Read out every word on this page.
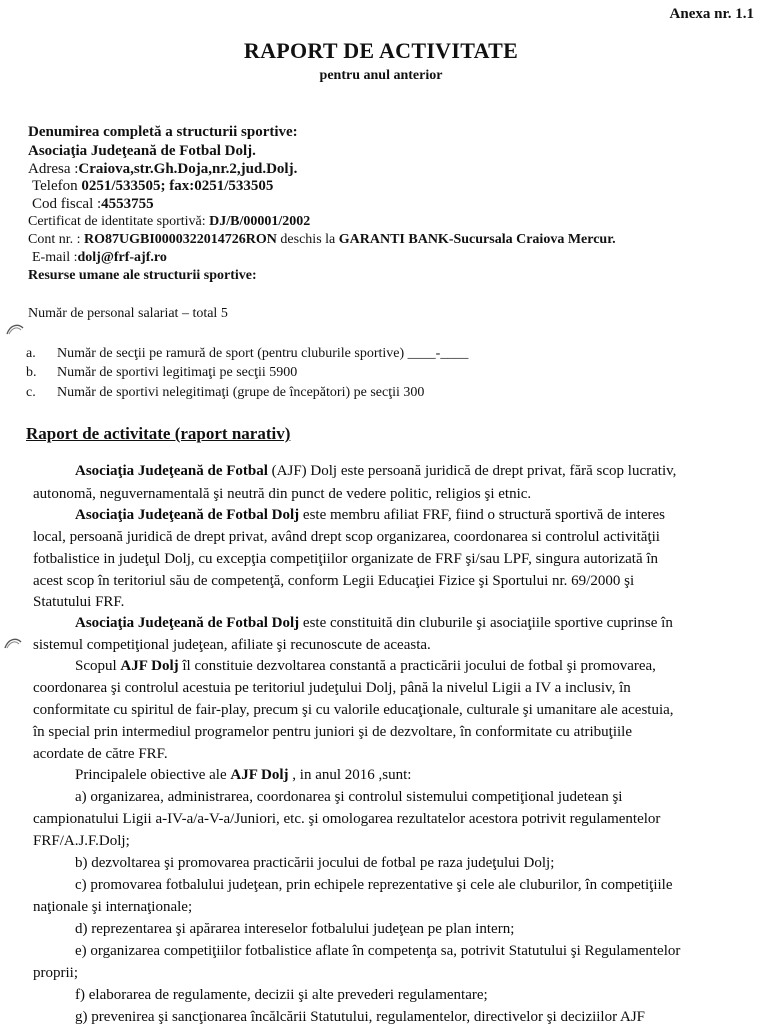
Anexa nr. 1.1
RAPORT DE ACTIVITATE
pentru anul anterior
Denumirea completă a structurii sportive:
Asociaţia Judeţeană de Fotbal Dolj.
Adresa :Craiova,str.Gh.Doja,nr.2,jud.Dolj.
Telefon 0251/533505; fax:0251/533505
Cod fiscal :4553755
Certificat de identitate sportivă: DJ/B/00001/2002
Cont nr. : RO87UGBI0000322014726RON deschis la GARANTI BANK-Sucursala Craiova Mercur.
E-mail :dolj@frf-ajf.ro
Resurse umane ale structurii sportive:
Număr de personal salariat – total 5
a. Număr de secţii pe ramură de sport (pentru cluburile sportive) ____-____
b. Număr de sportivi legitimaţi pe secţii 5900
c. Număr de sportivi nelegitimaţi (grupe de începători) pe secţii 300
Raport de activitate (raport narativ)
Asociaţia Judeţeană de Fotbal (AJF) Dolj este persoană juridică de drept privat, fără scop lucrativ,
autonomă, neguvernamentală şi neutră din punct de vedere politic, religios şi etnic.
Asociaţia Judeţeană de Fotbal Dolj este membru afiliat FRF, fiind o structură sportivă de interes
local, persoană juridică de drept privat, având drept scop organizarea, coordonarea si controlul activităţii
fotbalistice in judeţul Dolj, cu excepţia competiţiilor organizate de FRF şi/sau LPF, singura autorizată în
acest scop în teritoriul său de competenţă, conform Legii Educaţiei Fizice şi Sportului nr. 69/2000 şi
Statutului FRF.
Asociaţia Judeţeană de Fotbal Dolj este constituită din cluburile şi asociaţiile sportive cuprinse în
sistemul competiţional judeţean, afiliate şi recunoscute de aceasta.
Scopul AJF Dolj îl constituie dezvoltarea constantă a practicării jocului de fotbal şi promovarea,
coordonarea şi controlul acestuia pe teritoriul judeţului Dolj, până la nivelul Ligii a IV a inclusiv, în
conformitate cu spiritul de fair-play, precum şi cu valorile educaţionale, culturale şi umanitare ale acestuia,
în special prin intermediul programelor pentru juniori şi de dezvoltare, în conformitate cu atribuţiile
acordate de către FRF.
Principalele obiective ale AJF Dolj , in anul 2016 ,sunt:
a) organizarea, administrarea, coordonarea şi controlul sistemului competiţional judetean şi
campionatului Ligii a-IV-a/a-V-a/Juniori, etc. şi omologarea rezultatelor acestora potrivit regulamentelor
FRF/A.J.F.Dolj;
b) dezvoltarea şi promovarea practicării jocului de fotbal pe raza judeţului Dolj;
c) promovarea fotbalului judeţean, prin echipele reprezentative şi cele ale cluburilor, în competiţiile
naţionale şi internaţionale;
d) reprezentarea şi apărarea intereselor fotbalului judeţean pe plan intern;
e) organizarea competiţiilor fotbalistice aflate în competenţa sa, potrivit Statutului şi Regulamentelor
proprii;
f) elaborarea de regulamente, decizii şi alte prevederi regulamentare;
g) prevenirea şi sancţionarea încălcării Statutului, regulamentelor, directivelor şi deciziilor AJF
